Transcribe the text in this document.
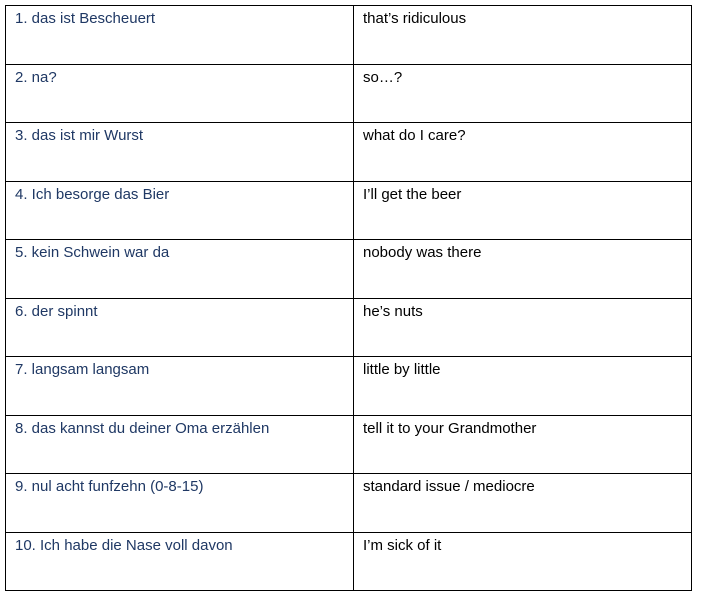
1. das ist Bescheuert	that’s ridiculous
2. na?	so…?
3. das ist mir Wurst	what do I care?
4. Ich besorge das Bier	I’ll get the beer
5. kein Schwein war da	nobody was there
6. der spinnt	he’s nuts
7. langsam langsam	little by little
8. das kannst du deiner Oma erzählen	tell it to your Grandmother
9. nul acht funfzehn (0-8-15)	standard issue / mediocre
10. Ich habe die Nase voll davon	I’m sick of it
